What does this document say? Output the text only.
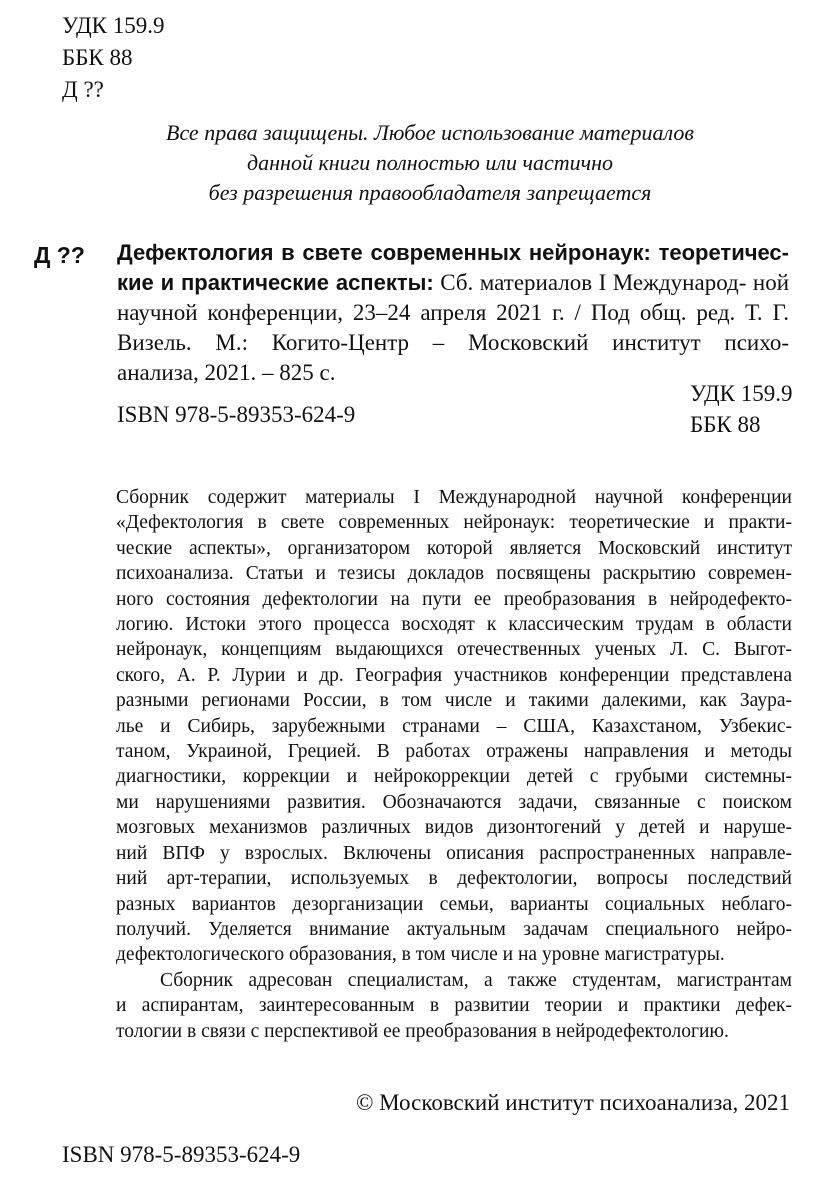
УДК 159.9
ББК 88
Д ??
Все права защищены. Любое использование материалов
данной книги полностью или частично
без разрешения правообладателя запрещается
Д ?? Дефектология в свете современных нейронаук: теоретичес-
кие и практические аспекты: Сб. материалов I Международ- ной
научной конференции, 23–24 апреля 2021 г. / Под общ. ред. Т. Г.
Визель. М.: Когито-Центр – Московский институт психо-
анализа, 2021. – 825 с.
УДК 159.9
ББК 88
ISBN 978-5-89353-624-9
Сборник содержит материалы I Международной научной конференции
«Дефектология в свете современных нейронаук: теоретические и практи-
ческие аспекты», организатором которой является Московский институт
психоанализа. Статьи и тезисы докладов посвящены раскрытию современ-
ного состояния дефектологии на пути ее преобразования в нейродефекто-
логию. Истоки этого процесса восходят к классическим трудам в области
нейронаук, концепциям выдающихся отечественных ученых Л. С. Выгот-
ского, А. Р. Лурии и др. География участников конференции представлена
разными регионами России, в том числе и такими далекими, как Заура-
лье и Сибирь, зарубежными странами – США, Казахстаном, Узбекис-
таном, Украиной, Грецией. В работах отражены направления и методы
диагностики, коррекции и нейрокоррекции детей с грубыми системны-
ми нарушениями развития. Обозначаются задачи, связанные с поиском
мозговых механизмов различных видов дизонтогений у детей и наруше-
ний ВПФ у взрослых. Включены описания распространенных направле-
ний арт-терапии, используемых в дефектологии, вопросы последствий
разных вариантов дезорганизации семьи, варианты социальных неблаго-
получий. Уделяется внимание актуальным задачам специального нейро-
дефектологического образования, в том числе и на уровне магистратуры.
Сборник адресован специалистам, а также студентам, магистрантам
и аспирантам, заинтересованным в развитии теории и практики дефек-
тологии в связи с перспективой ее преобразования в нейродефектологию.
© Московский институт психоанализа, 2021
ISBN 978-5-89353-624-9
